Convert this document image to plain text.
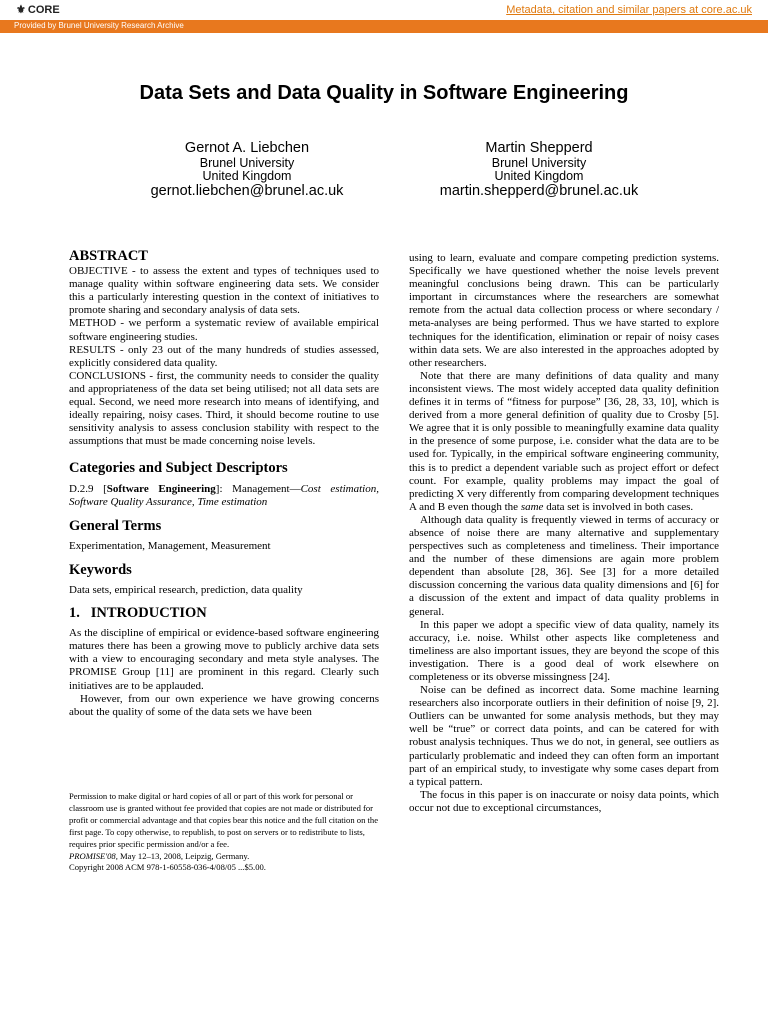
⚜ CORE	Metadata, citation and similar papers at core.ac.uk
Provided by Brunel University Research Archive
Data Sets and Data Quality in Software Engineering
Gernot A. Liebchen
Brunel University
United Kingdom
gernot.liebchen@brunel.ac.uk
Martin Shepperd
Brunel University
United Kingdom
martin.shepperd@brunel.ac.uk
ABSTRACT

OBJECTIVE - to assess the extent and types of techniques used to manage quality within software engineering data sets. We consider this a particularly interesting question in the context of initiatives to promote sharing and secondary analysis of data sets.

METHOD - we perform a systematic review of available empirical software engineering studies.

RESULTS - only 23 out of the many hundreds of studies assessed, explicitly considered data quality.

CONCLUSIONS - first, the community needs to consider the quality and appropriateness of the data set being utilised; not all data sets are equal. Second, we need more research into means of identifying, and ideally repairing, noisy cases. Third, it should become routine to use sensitivity analysis to assess conclusion stability with respect to the assumptions that must be made concerning noise levels.

Categories and Subject Descriptors

D.2.9 [Software Engineering]: Management—Cost estimation, Software Quality Assurance, Time estimation

General Terms

Experimentation, Management, Measurement

Keywords

Data sets, empirical research, prediction, data quality

1.   INTRODUCTION

As the discipline of empirical or evidence-based software engineering matures there has been a growing move to publicly archive data sets with a view to encouraging secondary and meta style analyses. The PROMISE Group [11] are prominent in this regard. Clearly such initiatives are to be applauded.

However, from our own experience we have growing concerns about the quality of some of the data sets we have been

Permission to make digital or hard copies of all or part of this work for personal or classroom use is granted without fee provided that copies are not made or distributed for profit or commercial advantage and that copies bear this notice and the full citation on the first page. To copy otherwise, to republish, to post on servers or to redistribute to lists, requires prior specific permission and/or a fee.

PROMISE'08, May 12–13, 2008, Leipzig, Germany.

Copyright 2008 ACM 978-1-60558-036-4/08/05 ...$5.00.

using to learn, evaluate and compare competing prediction systems. Specifically we have questioned whether the noise levels prevent meaningful conclusions being drawn. This can be particularly important in circumstances where the researchers are somewhat remote from the actual data collection process or where secondary / meta-analyses are being performed. Thus we have started to explore techniques for the identification, elimination or repair of noisy cases within data sets. We are also interested in the approaches adopted by other researchers.

Note that there are many definitions of data quality and many inconsistent views. The most widely accepted data quality definition defines it in terms of “fitness for purpose” [36, 28, 33, 10], which is derived from a more general definition of quality due to Crosby [5]. We agree that it is only possible to meaningfully examine data quality in the presence of some purpose, i.e. consider what the data are to be used for. Typically, in the empirical software engineering community, this is to predict a dependent variable such as project effort or defect count. For example, quality problems may impact the goal of predicting X very differently from comparing development techniques A and B even though the same data set is involved in both cases.

Although data quality is frequently viewed in terms of accuracy or absence of noise there are many alternative and supplementary perspectives such as completeness and timeliness. Their importance and the number of these dimensions are again more problem dependent than absolute [28, 36]. See [3] for a more detailed discussion concerning the various data quality dimensions and [6] for a discussion of the extent and impact of data quality problems in general.

In this paper we adopt a specific view of data quality, namely its accuracy, i.e. noise. Whilst other aspects like completeness and timeliness are also important issues, they are beyond the scope of this investigation. There is a good deal of work elsewhere on completeness or its obverse missingness [24].

Noise can be defined as incorrect data. Some machine learning researchers also incorporate outliers in their definition of noise [9, 2]. Outliers can be unwanted for some analysis methods, but they may well be “true” or correct data points, and can be catered for with robust analysis techniques. Thus we do not, in general, see outliers as particularly problematic and indeed they can often form an important part of an empirical study, to investigate why some cases depart from a typical pattern.

The focus in this paper is on inaccurate or noisy data points, which occur not due to exceptional circumstances,
